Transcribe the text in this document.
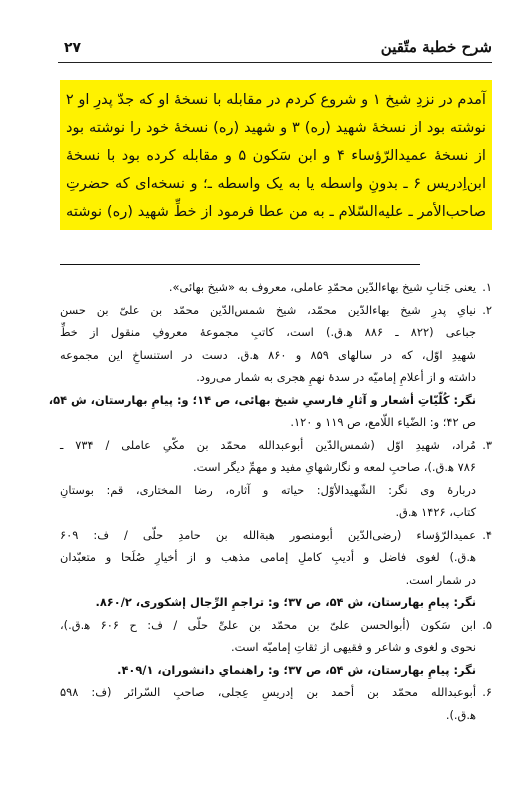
شرح خطبة متّقين
۲۷
آمدم در نزدِ شیخ ۱ و شروع کردم در مقابله با نسخهٔ او که جدّ پدرِ او ۲
نوشته بود از نسخهٔ شهید (ره) ۳ و شهید (ره) نسخهٔ خود را نوشته بود
از نسخهٔ عمیدالرّؤساء ۴ و ابن سَکون ۵ و مقابله کرده بود با نسخهٔ
ابن‌اِدریس ۶ ـ بدونِ واسطه یا به یک واسطه ـ؛ و نسخه‌ای که حضرتِ
صاحب‌الأمر ـ علیه‌السّلام ـ به من عطا فرمود از خطِّ شهید (ره) نوشته
۱.
یعنی جَنابِ شیخ بهاءالدّین محمّدِ عاملی، معروف به «شیخ بهائی».
۲.
نیایِ پدرِ شیخ بهاءالدّین محمّد، شیخ شمس‌الدّین محمّد بن علیّ بن حسن
جباعی (۸۲۲ ـ ۸۸۶ ﻫ.ق.) است، کاتبِ مجموعهٔ معروفِ منقول از خطِّ
شهیدِ اوّل، که در سالهای ۸۵۹ و ۸۶۰ ﻫ.ق. دست در استنساخِ این مجموعه
داشته و از أعلامِ إمامیّه در سدهٔ نهمِ هجری به شمار می‌رود.
نگر: کُلّیّاتِ أشعار و آثارِ فارسیِ شیخ بهائی، ص ۱۴؛ و: پیامِ بهارستان، ش ۵۴،
ص ۴۲؛ و: الضّیاء اللّامع، ص ۱۱۹ و ۱۲۰.
۳.
مُراد، شهیدِ اوّل (شمس‌الدّین أبوعبدالله محمّد بن مکّیِ عاملی / ۷۳۴ ـ
۷۸۶ ﻫ.ق.)، صاحبِ لمعه و نگارشهایِ مفید و مهمِّ دیگر است.
دربارهٔ وی نگر: الشّهیدالأوّل: حیاته و آثاره، رضا المختاری، قم: بوستانِ
کتاب، ۱۴۲۶ ﻫ.ق.
۴.
عمیدالرّؤساء (رضی‌الدّین أبومنصور هبةالله بن حامدِ حلّی / ف: ۶۰۹
ﻫ.ق.) لغوی فاضل و أدیبِ کاملِ إمامی مذهب و از أخیارِ صُلَحا و متعبّدان
در شمار است.
نگر: پیامِ بهارستان، ش ۵۴، ص ۳۷؛ و: تراجمِ الرِّجال إشکوری، ۸۶۰/۲.
۵.
ابن سَکون (أبوالحسن علیّ بن محمّد بن علیِّ حلّی / ف: ح ۶۰۶ ﻫ.ق.)،
نحوی و لغوی و شاعر و فقیهی از ثقاتِ إمامیّه است.
نگر: پیامِ بهارستان، ش ۵۴، ص ۳۷؛ و: راهنمایِ دانشوران، ۴۰۹/۱.
۶.
أبوعبدالله محمّد بن أحمد بن إدریسِ عِجلی، صاحبِ السّرائر (ف: ۵۹۸
ﻫ.ق.).
